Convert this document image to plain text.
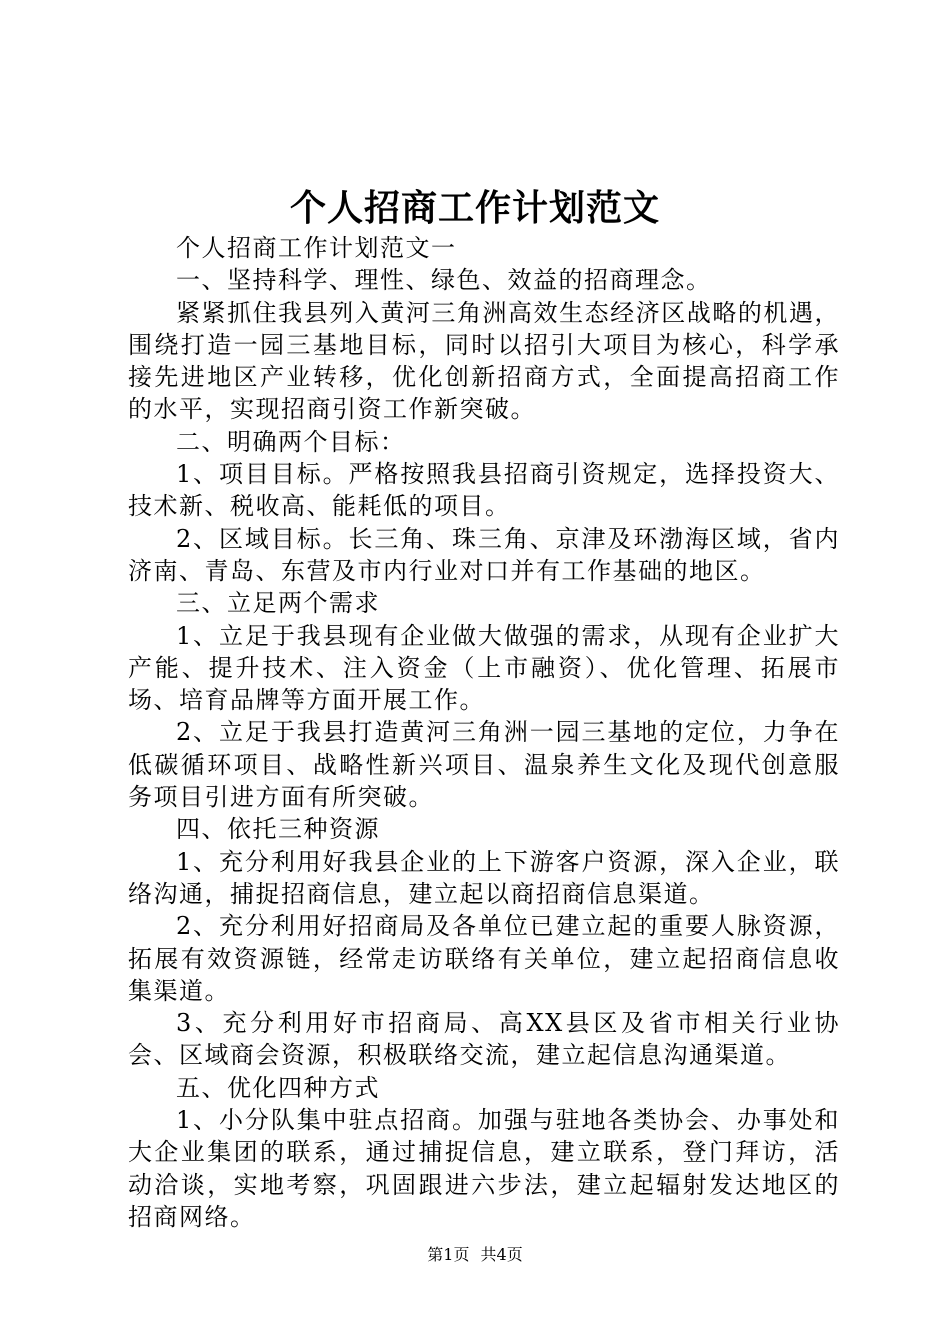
个人招商工作计划范文

个人招商工作计划范文一

一、坚持科学、理性、绿色、效益的招商理念。

紧紧抓住我县列入黄河三角洲高效生态经济区战略的机遇，围绕打造一园三基地目标，同时以招引大项目为核心，科学承接先进地区产业转移，优化创新招商方式，全面提高招商工作的水平，实现招商引资工作新突破。

二、明确两个目标：

1、项目目标。严格按照我县招商引资规定，选择投资大、技术新、税收高、能耗低的项目。

2、区域目标。长三角、珠三角、京津及环渤海区域，省内济南、青岛、东营及市内行业对口并有工作基础的地区。

三、立足两个需求

1、立足于我县现有企业做大做强的需求，从现有企业扩大产能、提升技术、注入资金（上市融资）、优化管理、拓展市场、培育品牌等方面开展工作。

2、立足于我县打造黄河三角洲一园三基地的定位，力争在低碳循环项目、战略性新兴项目、温泉养生文化及现代创意服务项目引进方面有所突破。

四、依托三种资源

1、充分利用好我县企业的上下游客户资源，深入企业，联络沟通，捕捉招商信息，建立起以商招商信息渠道。

2、充分利用好招商局及各单位已建立起的重要人脉资源，拓展有效资源链，经常走访联络有关单位，建立起招商信息收集渠道。

3、充分利用好市招商局、高XX县区及省市相关行业协会、区域商会资源，积极联络交流，建立起信息沟通渠道。

五、优化四种方式

1、小分队集中驻点招商。加强与驻地各类协会、办事处和大企业集团的联系，通过捕捉信息，建立联系，登门拜访，活动洽谈，实地考察，巩固跟进六步法，建立起辐射发达地区的招商网络。

第1页 共4页
